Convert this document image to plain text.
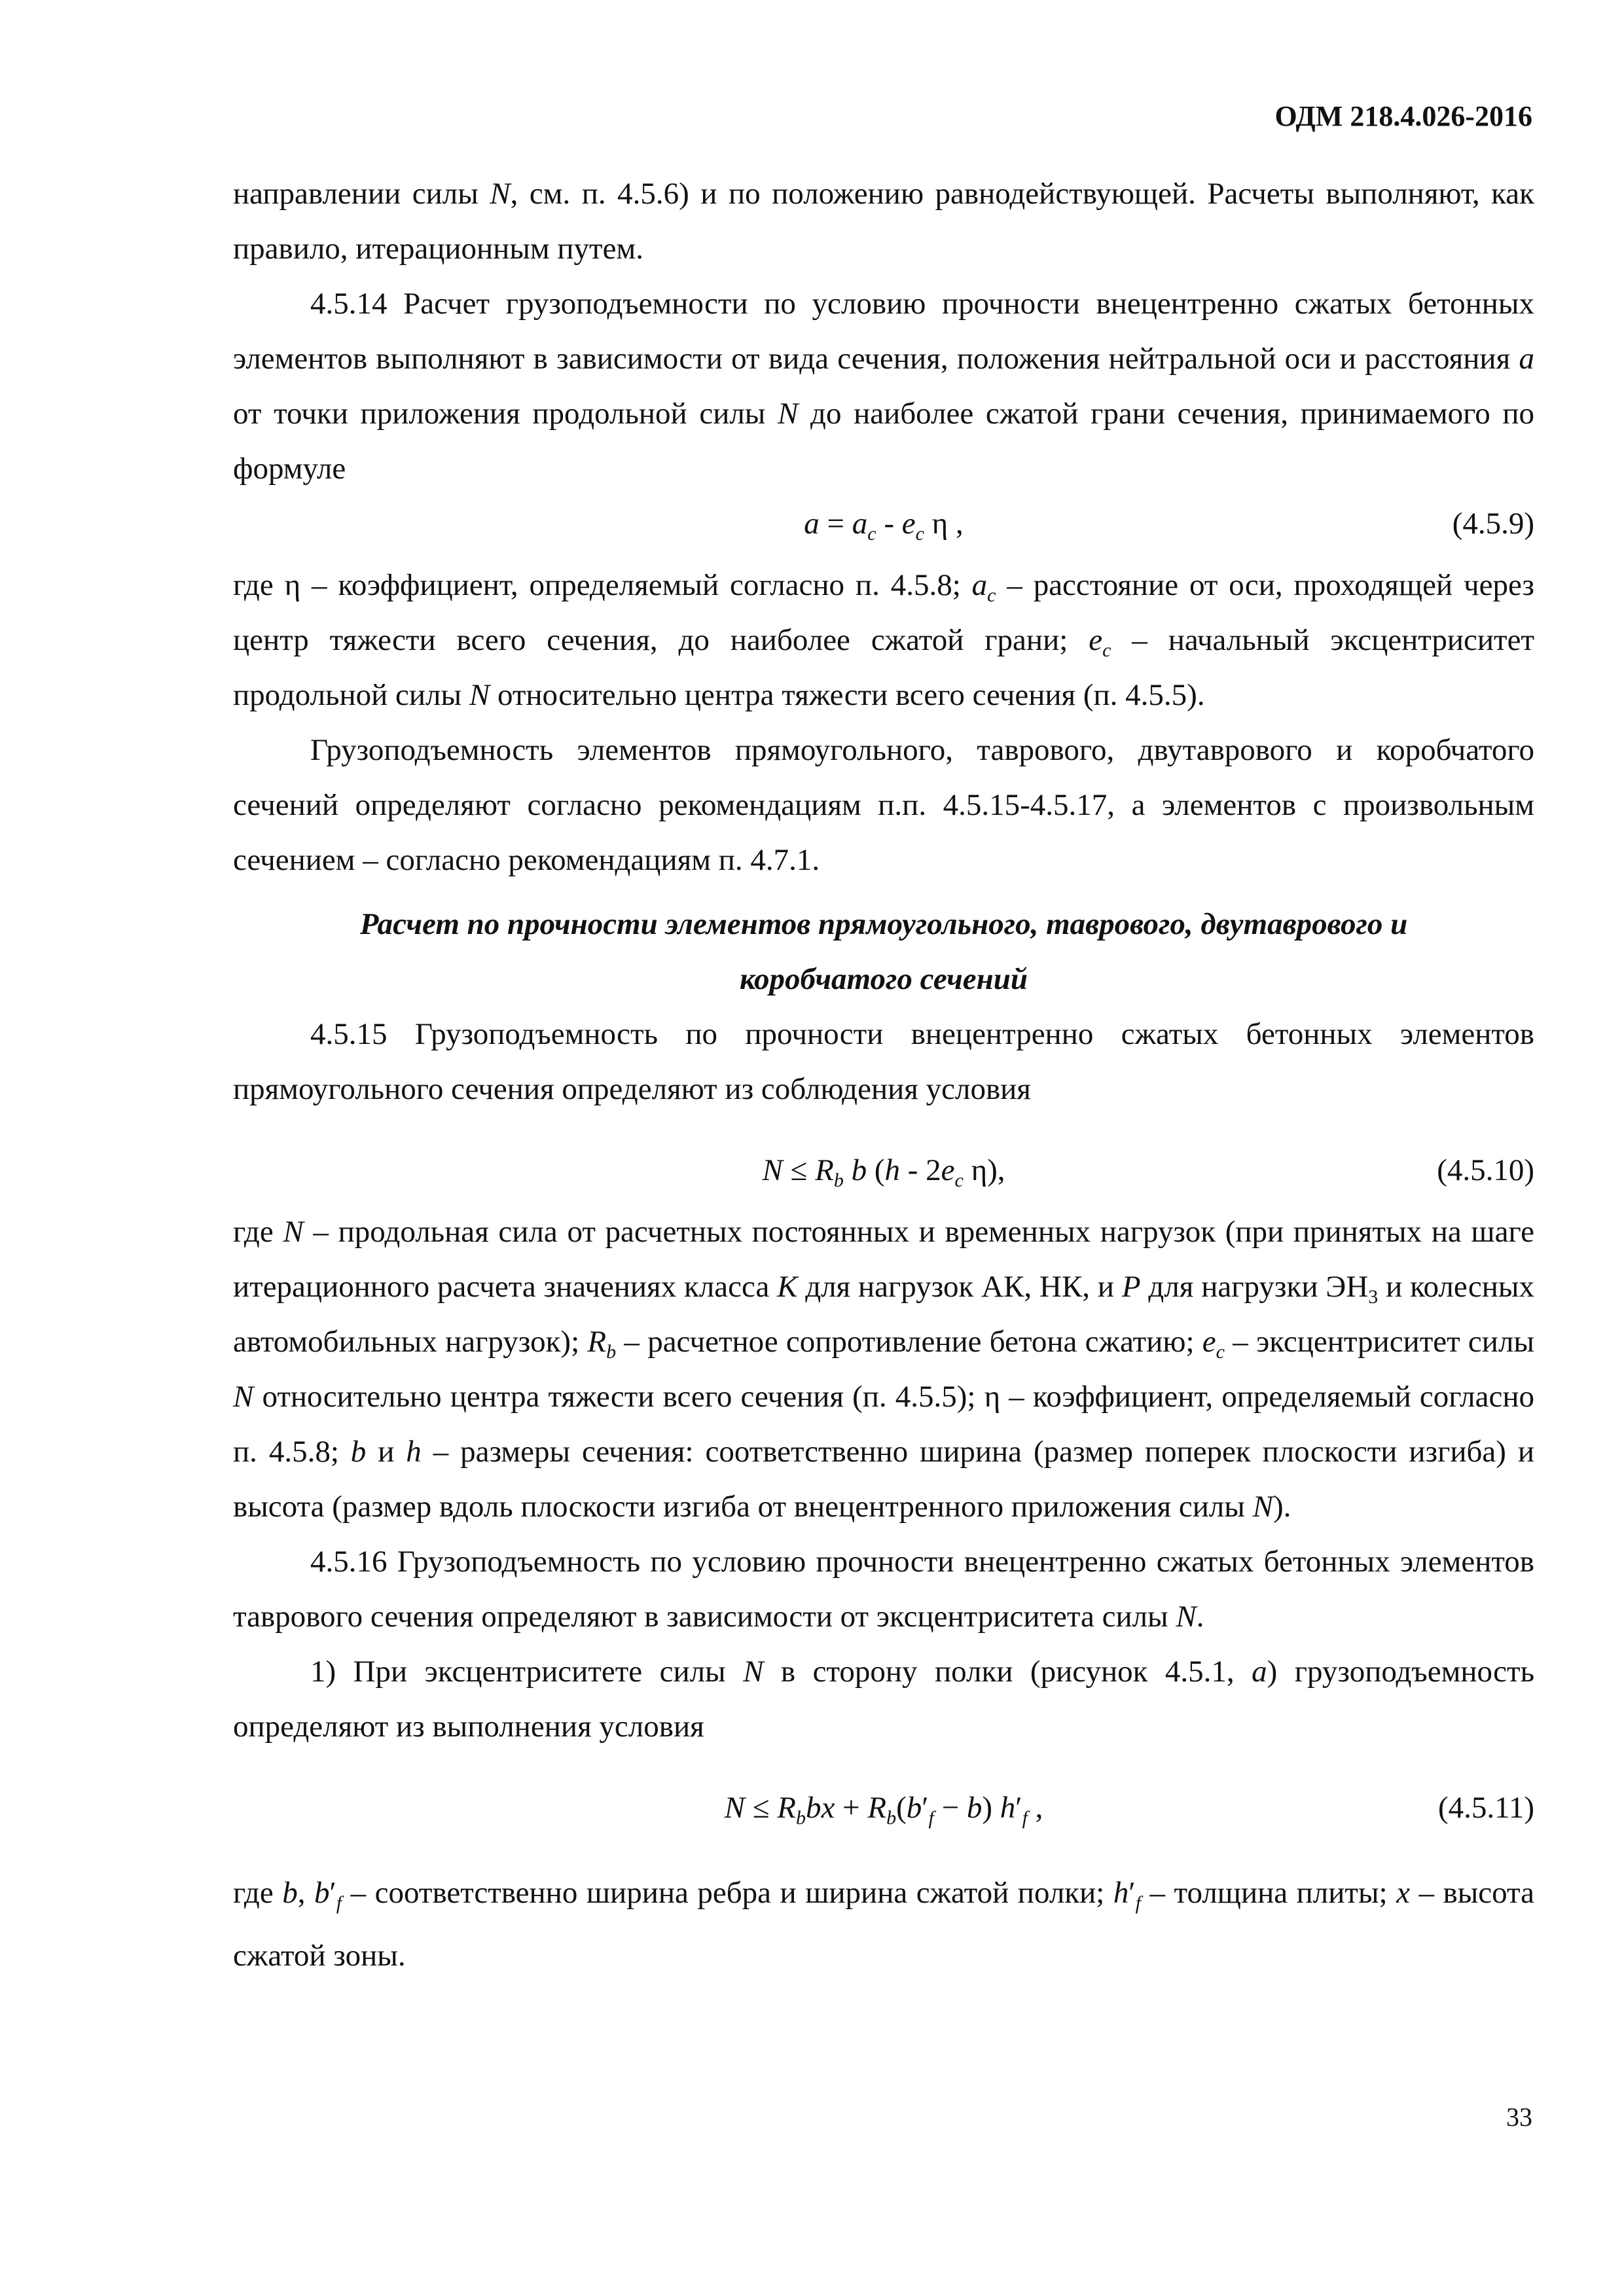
ОДМ 218.4.026-2016

направлении силы N, см. п. 4.5.6) и по положению равнодействующей. Расчеты выполняют, как правило, итерационным путем.

4.5.14 Расчет грузоподъемности по условию прочности внецентренно сжатых бетонных элементов выполняют в зависимости от вида сечения, положения нейтральной оси и расстояния a от точки приложения продольной силы N до наиболее сжатой грани сечения, принимаемого по формуле

$a = a_c - e_c$ η ,	(4.5.9)

где η – коэффициент, определяемый согласно п. 4.5.8; $a_c$ – расстояние от оси, проходящей через центр тяжести всего сечения, до наиболее сжатой грани; $e_c$ – начальный эксцентриситет продольной силы N относительно центра тяжести всего сечения (п. 4.5.5).

Грузоподъемность элементов прямоугольного, таврового, двутаврового и коробчатого сечений определяют согласно рекомендациям п.п. 4.5.15-4.5.17, а элементов с произвольным сечением – согласно рекомендациям п. 4.7.1.

Расчет по прочности элементов прямоугольного, таврового, двутаврового и
коробчатого сечений

4.5.15 Грузоподъемность по прочности внецентренно сжатых бетонных элементов прямоугольного сечения определяют из соблюдения условия

$N \le R_b$ b ($h - 2e_c$ η),	(4.5.10)

где N – продольная сила от расчетных постоянных и временных нагрузок (при принятых на шаге итерационного расчета значениях класса К для нагрузок АК, НК, и Р для нагрузки $ЭН_3$ и колесных автомобильных нагрузок); $R_b$ – расчетное сопротивление бетона сжатию; $e_c$ – эксцентриситет силы N относительно центра тяжести всего сечения (п. 4.5.5); η – коэффициент, определяемый согласно п. 4.5.8; b и h – размеры сечения: соответственно ширина (размер поперек плоскости изгиба) и высота (размер вдоль плоскости изгиба от внецентренного приложения силы N).

4.5.16 Грузоподъемность по условию прочности внецентренно сжатых бетонных элементов таврового сечения определяют в зависимости от эксцентриситета силы N.

1) При эксцентриситете силы N в сторону полки (рисунок 4.5.1, а) грузоподъемность определяют из выполнения условия

$N \le R_bbx + R_b(b'_f - b)$ $h'_f$ ,	(4.5.11)

где b, $b'_f$ – соответственно ширина ребра и ширина сжатой полки; $h'_f$ – толщина плиты; x – высота сжатой зоны.

33
